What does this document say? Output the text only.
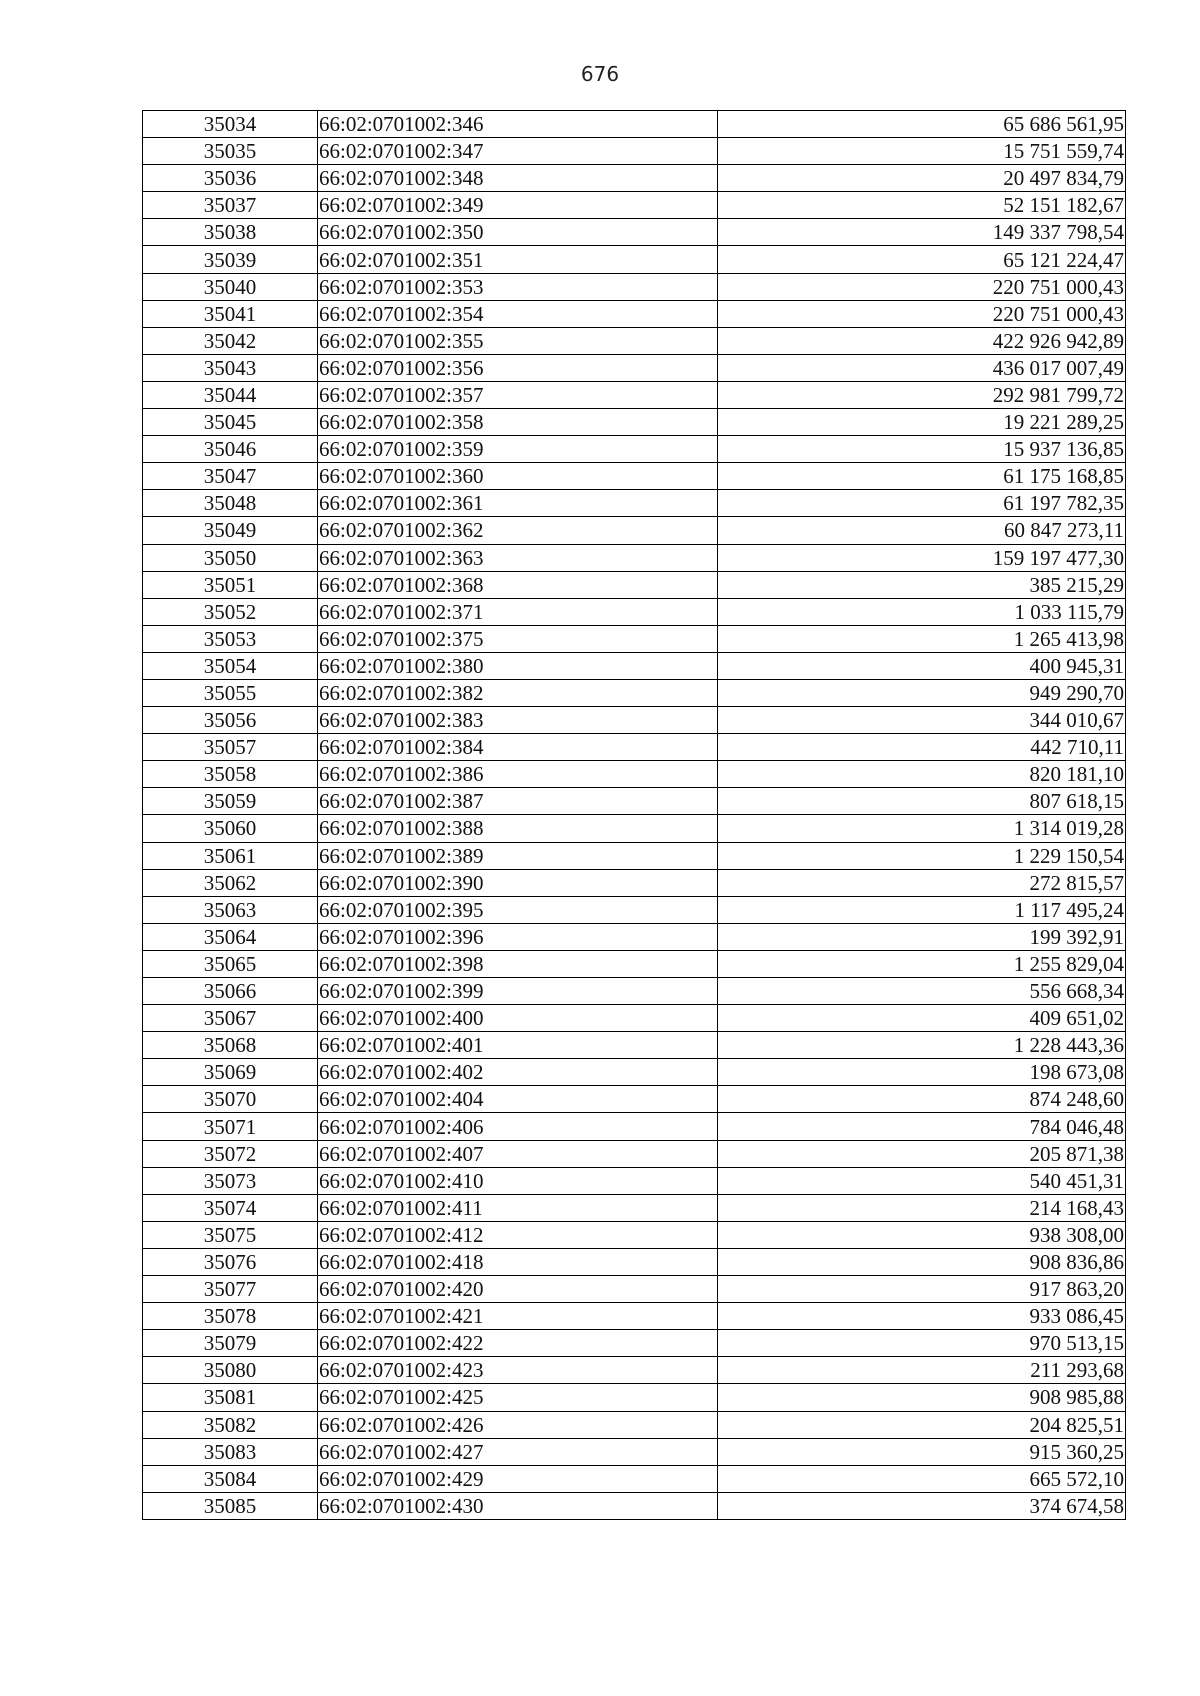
676
35034	66:02:0701002:346	65 686 561,95
35035	66:02:0701002:347	15 751 559,74
35036	66:02:0701002:348	20 497 834,79
35037	66:02:0701002:349	52 151 182,67
35038	66:02:0701002:350	149 337 798,54
35039	66:02:0701002:351	65 121 224,47
35040	66:02:0701002:353	220 751 000,43
35041	66:02:0701002:354	220 751 000,43
35042	66:02:0701002:355	422 926 942,89
35043	66:02:0701002:356	436 017 007,49
35044	66:02:0701002:357	292 981 799,72
35045	66:02:0701002:358	19 221 289,25
35046	66:02:0701002:359	15 937 136,85
35047	66:02:0701002:360	61 175 168,85
35048	66:02:0701002:361	61 197 782,35
35049	66:02:0701002:362	60 847 273,11
35050	66:02:0701002:363	159 197 477,30
35051	66:02:0701002:368	385 215,29
35052	66:02:0701002:371	1 033 115,79
35053	66:02:0701002:375	1 265 413,98
35054	66:02:0701002:380	400 945,31
35055	66:02:0701002:382	949 290,70
35056	66:02:0701002:383	344 010,67
35057	66:02:0701002:384	442 710,11
35058	66:02:0701002:386	820 181,10
35059	66:02:0701002:387	807 618,15
35060	66:02:0701002:388	1 314 019,28
35061	66:02:0701002:389	1 229 150,54
35062	66:02:0701002:390	272 815,57
35063	66:02:0701002:395	1 117 495,24
35064	66:02:0701002:396	199 392,91
35065	66:02:0701002:398	1 255 829,04
35066	66:02:0701002:399	556 668,34
35067	66:02:0701002:400	409 651,02
35068	66:02:0701002:401	1 228 443,36
35069	66:02:0701002:402	198 673,08
35070	66:02:0701002:404	874 248,60
35071	66:02:0701002:406	784 046,48
35072	66:02:0701002:407	205 871,38
35073	66:02:0701002:410	540 451,31
35074	66:02:0701002:411	214 168,43
35075	66:02:0701002:412	938 308,00
35076	66:02:0701002:418	908 836,86
35077	66:02:0701002:420	917 863,20
35078	66:02:0701002:421	933 086,45
35079	66:02:0701002:422	970 513,15
35080	66:02:0701002:423	211 293,68
35081	66:02:0701002:425	908 985,88
35082	66:02:0701002:426	204 825,51
35083	66:02:0701002:427	915 360,25
35084	66:02:0701002:429	665 572,10
35085	66:02:0701002:430	374 674,58
